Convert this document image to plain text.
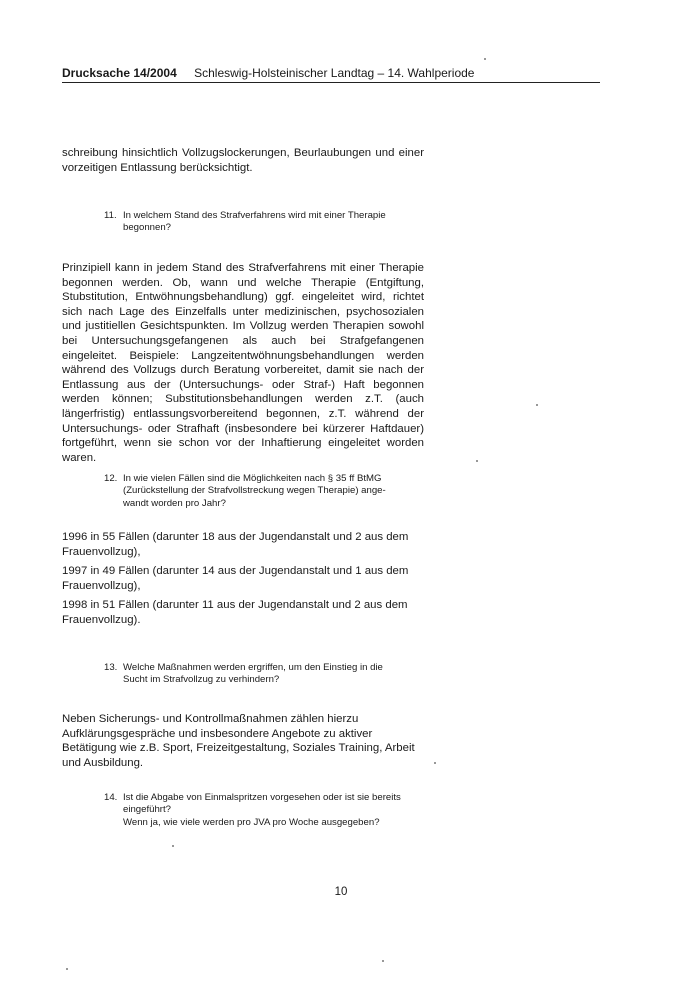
Drucksache 14/2004 Schleswig-Holsteinischer Landtag – 14. Wahlperiode
schreibung hinsichtlich Vollzugslockerungen, Beurlaubungen und einer vorzeitigen Entlassung berücksichtigt.
11. In welchem Stand des Strafverfahrens wird mit einer Therapie
begonnen?
Prinzipiell kann in jedem Stand des Strafverfahrens mit einer Therapie begonnen werden. Ob, wann und welche Therapie (Entgiftung, Stubstitution, Entwöhnungsbehandlung) ggf. eingeleitet wird, richtet sich nach Lage des Einzelfalls unter medizinischen, psychosozialen und justitiellen Gesichtspunkten. Im Vollzug werden Therapien sowohl bei Untersuchungsgefangenen als auch bei Strafgefangenen eingeleitet. Beispiele: Langzeitentwöhnungsbehandlungen werden während des Vollzugs durch Beratung vorbereitet, damit sie nach der Entlassung aus der (Untersuchungs- oder Straf-) Haft begonnen werden können; Substitutionsbehandlungen werden z.T. (auch längerfristig) entlassungsvorbereitend begonnen, z.T. während der Untersuchungs- oder Strafhaft (insbesondere bei kürzerer Haftdauer) fortgeführt, wenn sie schon vor der Inhaftierung eingeleitet worden waren.
12. In wie vielen Fällen sind die Möglichkeiten nach § 35 ff BtMG
(Zurückstellung der Strafvollstreckung wegen Therapie) ange-
wandt worden pro Jahr?
1996 in 55 Fällen (darunter 18 aus der Jugendanstalt und 2 aus dem Frauenvollzug),
1997 in 49 Fällen (darunter 14 aus der Jugendanstalt und 1 aus dem Frauenvollzug),
1998 in 51 Fällen (darunter 11 aus der Jugendanstalt und 2 aus dem Frauenvollzug).
13. Welche Maßnahmen werden ergriffen, um den Einstieg in die
Sucht im Strafvollzug zu verhindern?
Neben Sicherungs- und Kontrollmaßnahmen zählen hierzu Aufklärungsgespräche und insbesondere Angebote zu aktiver Betätigung wie z.B. Sport, Freizeitgestaltung, Soziales Training, Arbeit und Ausbildung.
14. Ist die Abgabe von Einmalspritzen vorgesehen oder ist sie bereits
eingeführt?
Wenn ja, wie viele werden pro JVA pro Woche ausgegeben?
10
